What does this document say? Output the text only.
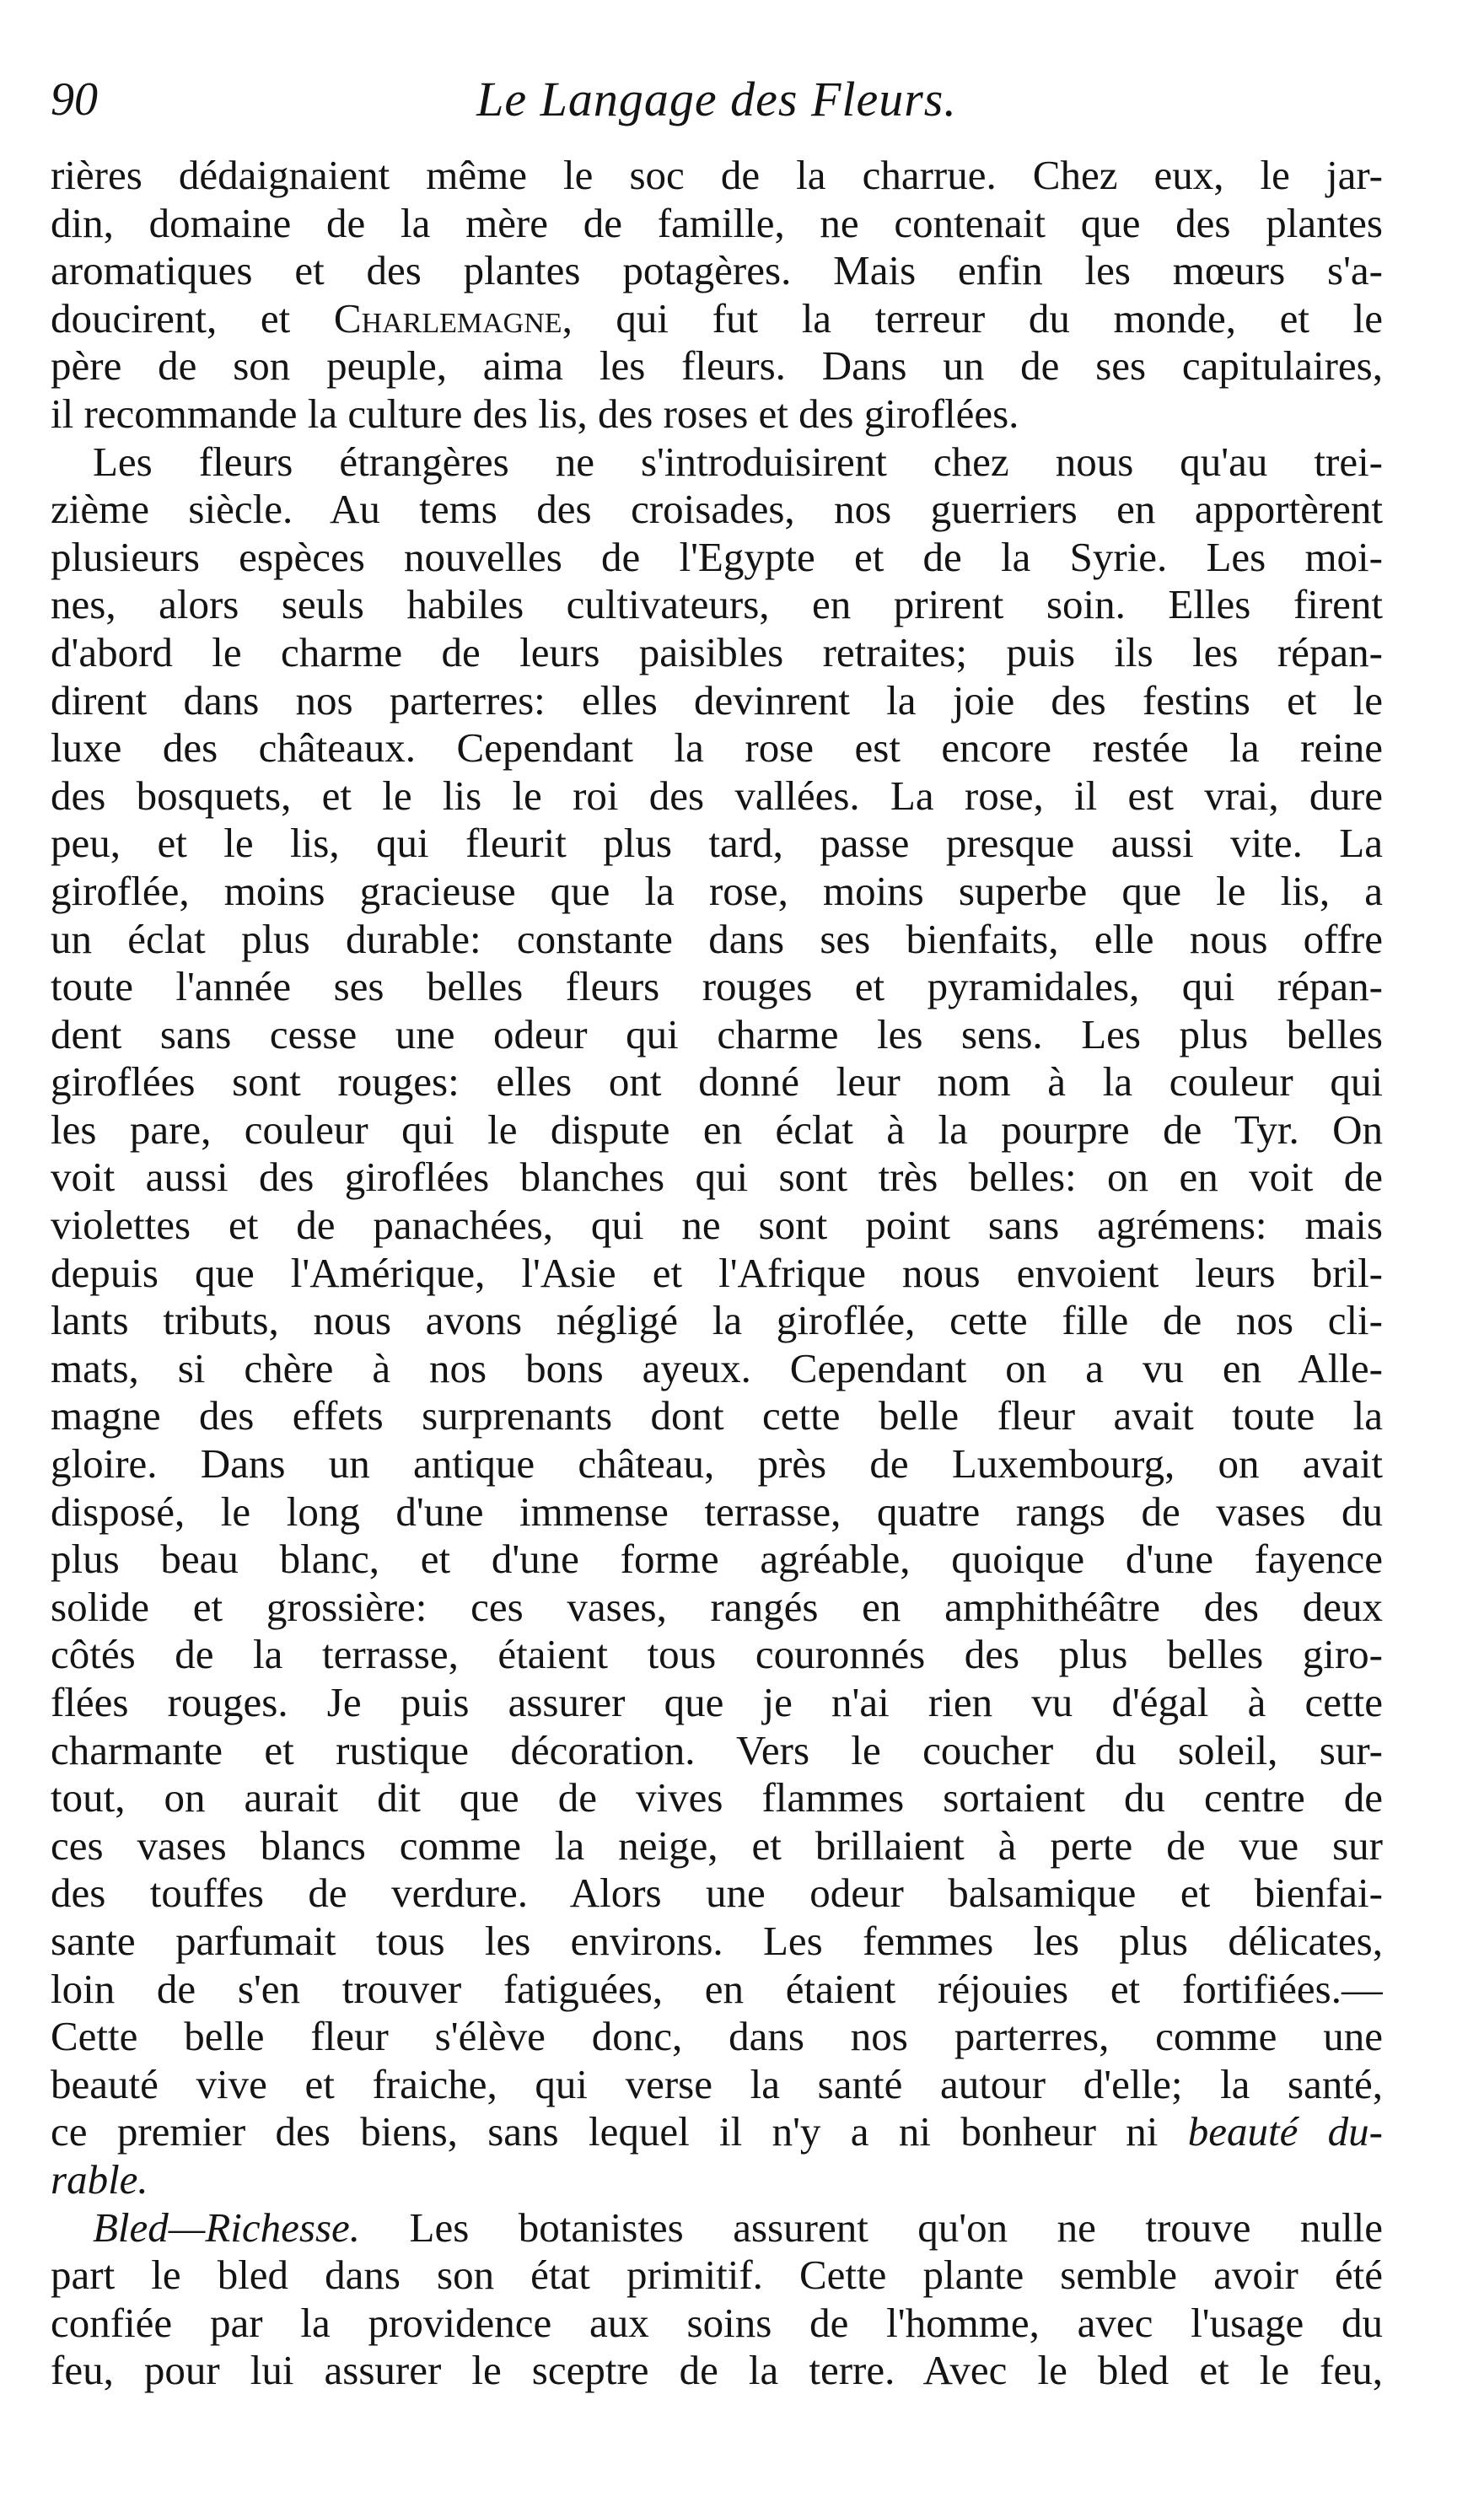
90	Le Langage des Fleurs.
rières dédaignaient même le soc de la charrue. Chez eux, le jar-
din, domaine de la mère de famille, ne contenait que des plantes
aromatiques et des plantes potagères. Mais enfin les mœurs s'a-
doucirent, et Charlemagne, qui fut la terreur du monde, et le
père de son peuple, aima les fleurs. Dans un de ses capitulaires,
il recommande la culture des lis, des roses et des giroflées.
Les fleurs étrangères ne s'introduisirent chez nous qu'au trei-
zième siècle. Au tems des croisades, nos guerriers en apportèrent
plusieurs espèces nouvelles de l'Egypte et de la Syrie. Les moi-
nes, alors seuls habiles cultivateurs, en prirent soin. Elles firent
d'abord le charme de leurs paisibles retraites; puis ils les répan-
dirent dans nos parterres: elles devinrent la joie des festins et le
luxe des châteaux. Cependant la rose est encore restée la reine
des bosquets, et le lis le roi des vallées. La rose, il est vrai, dure
peu, et le lis, qui fleurit plus tard, passe presque aussi vite. La
giroflée, moins gracieuse que la rose, moins superbe que le lis, a
un éclat plus durable: constante dans ses bienfaits, elle nous offre
toute l'année ses belles fleurs rouges et pyramidales, qui répan-
dent sans cesse une odeur qui charme les sens. Les plus belles
giroflées sont rouges: elles ont donné leur nom à la couleur qui
les pare, couleur qui le dispute en éclat à la pourpre de Tyr. On
voit aussi des giroflées blanches qui sont très belles: on en voit de
violettes et de panachées, qui ne sont point sans agrémens: mais
depuis que l'Amérique, l'Asie et l'Afrique nous envoient leurs bril-
lants tributs, nous avons négligé la giroflée, cette fille de nos cli-
mats, si chère à nos bons ayeux. Cependant on a vu en Alle-
magne des effets surprenants dont cette belle fleur avait toute la
gloire. Dans un antique château, près de Luxembourg, on avait
disposé, le long d'une immense terrasse, quatre rangs de vases du
plus beau blanc, et d'une forme agréable, quoique d'une fayence
solide et grossière: ces vases, rangés en amphithéâtre des deux
côtés de la terrasse, étaient tous couronnés des plus belles giro-
flées rouges. Je puis assurer que je n'ai rien vu d'égal à cette
charmante et rustique décoration. Vers le coucher du soleil, sur-
tout, on aurait dit que de vives flammes sortaient du centre de
ces vases blancs comme la neige, et brillaient à perte de vue sur
des touffes de verdure. Alors une odeur balsamique et bienfai-
sante parfumait tous les environs. Les femmes les plus délicates,
loin de s'en trouver fatiguées, en étaient réjouies et fortifiées.—
Cette belle fleur s'élève donc, dans nos parterres, comme une
beauté vive et fraiche, qui verse la santé autour d'elle; la santé,
ce premier des biens, sans lequel il n'y a ni bonheur ni beauté du-
rable.
Bled—Richesse. Les botanistes assurent qu'on ne trouve nulle
part le bled dans son état primitif. Cette plante semble avoir été
confiée par la providence aux soins de l'homme, avec l'usage du
feu, pour lui assurer le sceptre de la terre. Avec le bled et le feu,
